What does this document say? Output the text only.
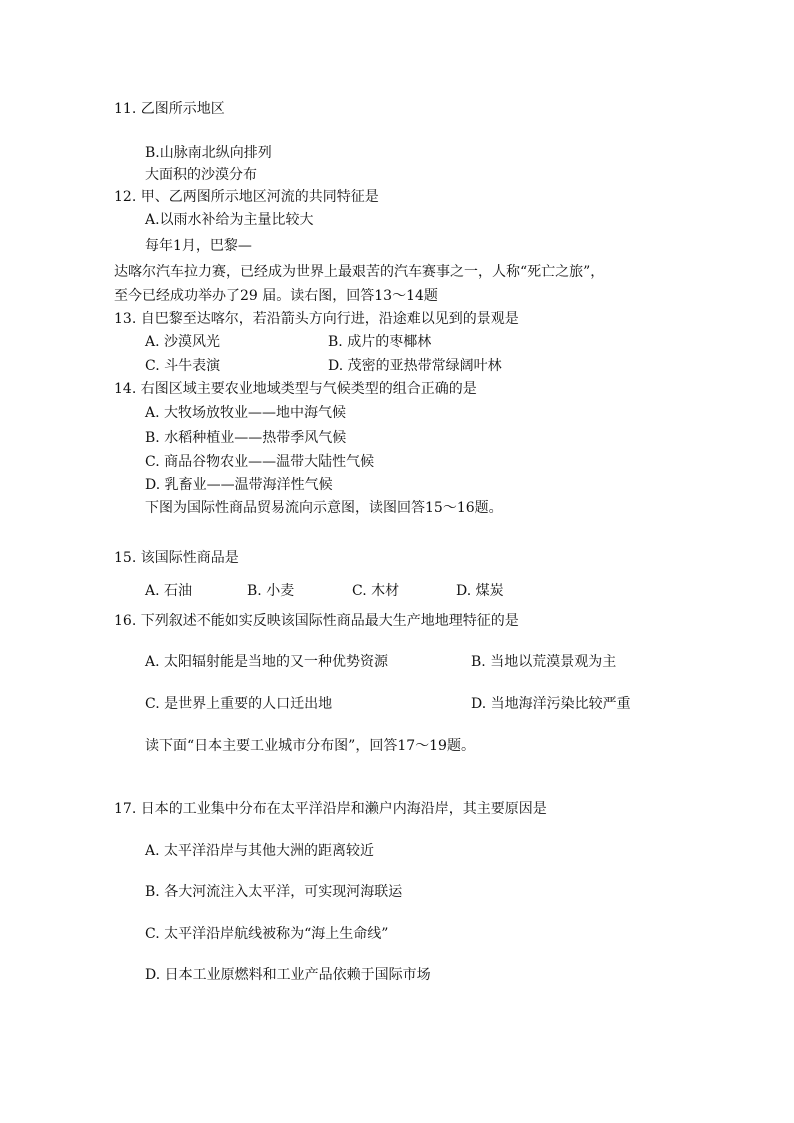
11. 乙图所示地区
B.山脉南北纵向排列
大面积的沙漠分布
12. 甲、乙两图所示地区河流的共同特征是
A.以雨水补给为主量比较大
每年1月，巴黎—
达喀尔汽车拉力赛，已经成为世界上最艰苦的汽车赛事之一，人称“死亡之旅”，
至今已经成功举办了29 届。读右图，回答13～14题
13. 自巴黎至达喀尔，若沿箭头方向行进，沿途难以见到的景观是
A. 沙漠风光	B. 成片的枣椰林
C. 斗牛表演	D. 茂密的亚热带常绿阔叶林
14. 右图区域主要农业地域类型与气候类型的组合正确的是
A. 大牧场放牧业——地中海气候
B. 水稻种植业——热带季风气候
C. 商品谷物农业——温带大陆性气候
D. 乳畜业——温带海洋性气候
下图为国际性商品贸易流向示意图，读图回答15～16题。
15. 该国际性商品是
A. 石油	B. 小麦	C. 木材	D. 煤炭
16. 下列叙述不能如实反映该国际性商品最大生产地地理特征的是
A. 太阳辐射能是当地的又一种优势资源	B. 当地以荒漠景观为主
C. 是世界上重要的人口迁出地	D. 当地海洋污染比较严重
读下面“日本主要工业城市分布图”，回答17～19题。
17. 日本的工业集中分布在太平洋沿岸和濑户内海沿岸，其主要原因是
A. 太平洋沿岸与其他大洲的距离较近
B. 各大河流注入太平洋，可实现河海联运
C. 太平洋沿岸航线被称为“海上生命线”
D. 日本工业原燃料和工业产品依赖于国际市场
